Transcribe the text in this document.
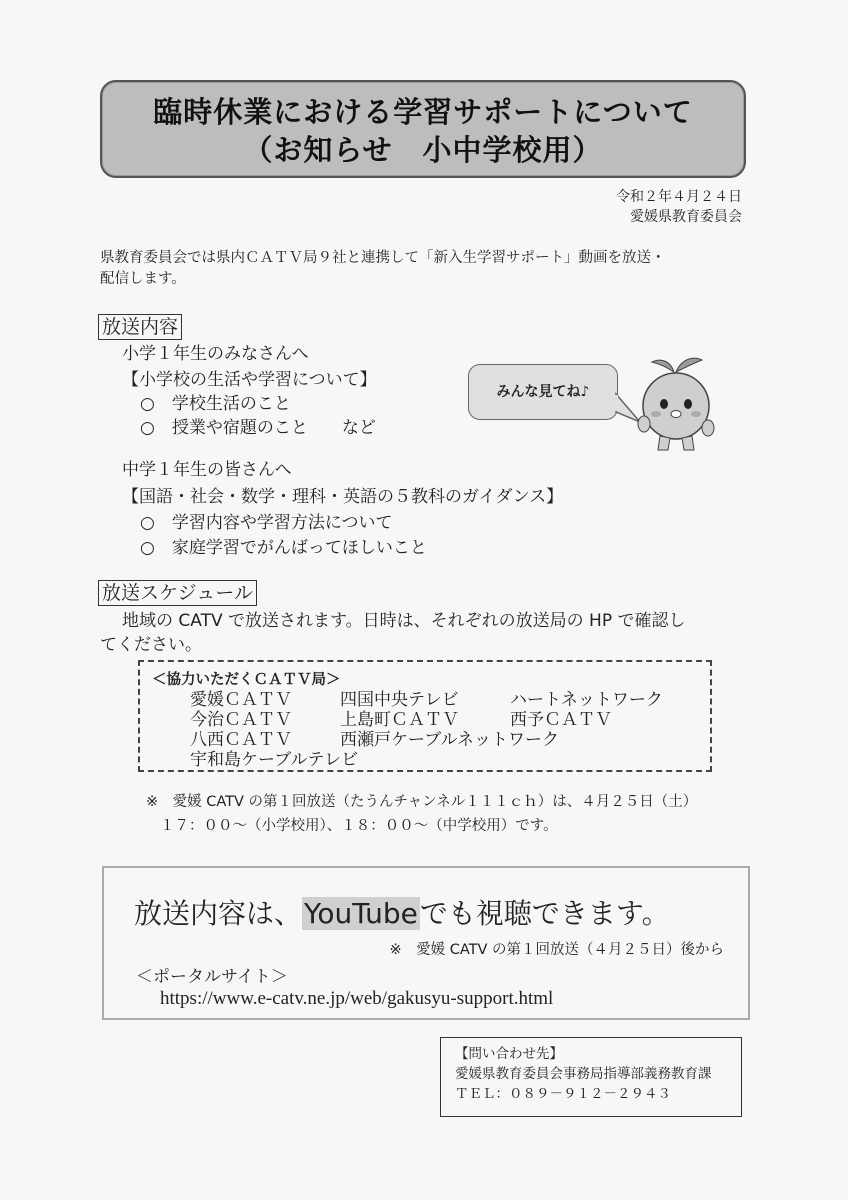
臨時休業における学習サポートについて
（お知らせ　小中学校用）
令和２年４月２４日
愛媛県教育委員会
県教育委員会では県内ＣＡＴＶ局９社と連携して「新入生学習サポート」動画を放送・
配信します。
放送内容
小学１年生のみなさんへ
【小学校の生活や学習について】
○　学校生活のこと
○　授業や宿題のこと　　など
中学１年生の皆さんへ
【国語・社会・数学・理科・英語の５教科のガイダンス】
○　学習内容や学習方法について
○　家庭学習でがんばってほしいこと
みんな見てね♪
放送スケジュール
地域の CATV で放送されます。日時は、それぞれの放送局の HP で確認し
てください。
＜協力いただくＣＡＴＶ局＞
愛媛ＣＡＴＶ	四国中央テレビ	ハートネットワーク
今治ＣＡＴＶ	上島町ＣＡＴＶ	西予ＣＡＴＶ
八西ＣＡＴＶ	西瀬戸ケーブルネットワーク
宇和島ケーブルテレビ
※　愛媛 CATV の第１回放送（たうんチャンネル１１１ｃｈ）は、４月２５日（土）
１７：００～（小学校用）、１８：００～（中学校用）です。
放送内容は、YouTubeでも視聴できます。
※　愛媛 CATV の第１回放送（４月２５日）後から
＜ポータルサイト＞
https://www.e-catv.ne.jp/web/gakusyu-support.html
【問い合わせ先】
愛媛県教育委員会事務局指導部義務教育課
ＴＥＬ：０８９－９１２－２９４３
